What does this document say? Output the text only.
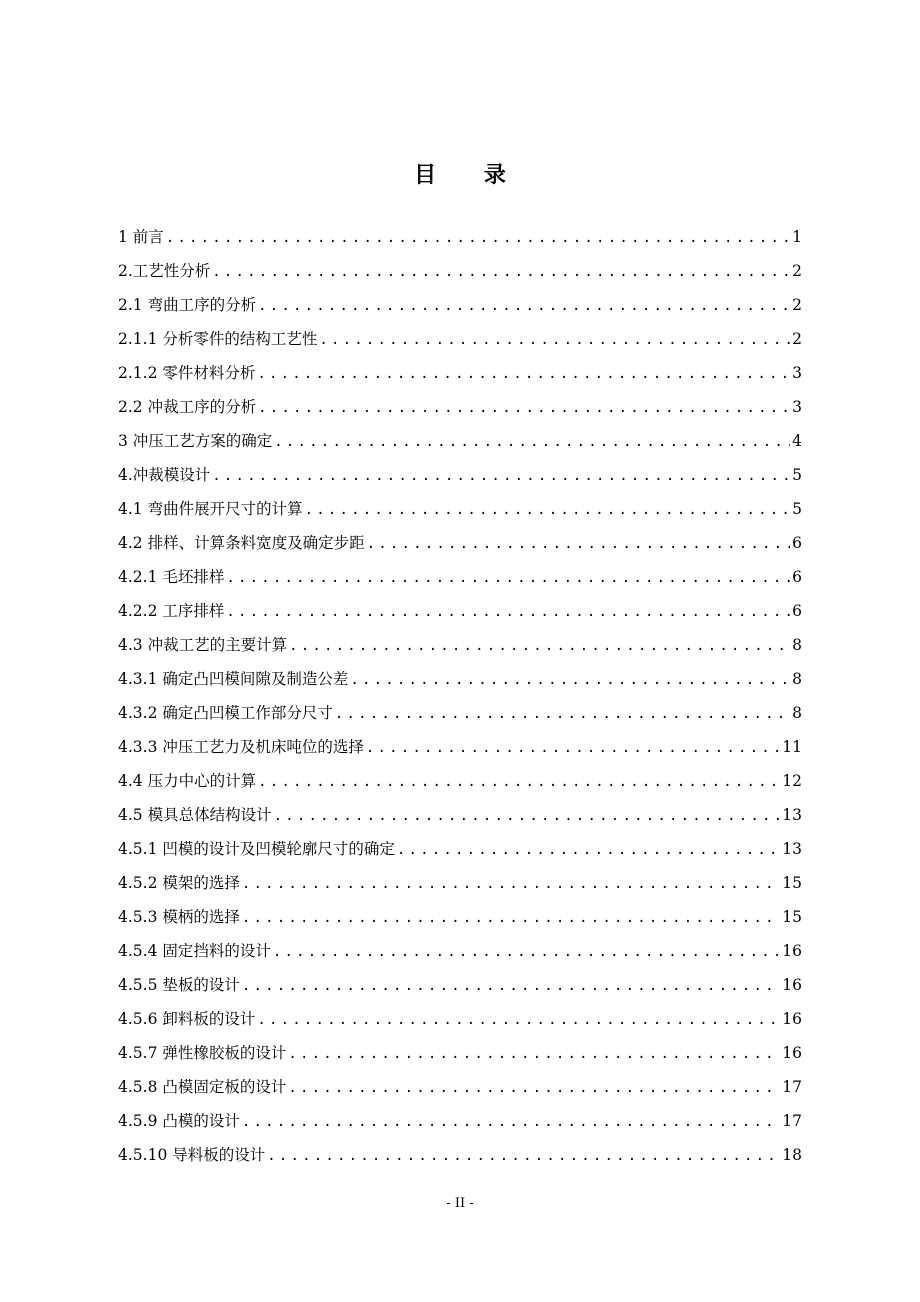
目 录
1 前言 .....	1
2.工艺性分析 .....	2
2.1 弯曲工序的分析 .....	2
2.1.1 分析零件的结构工艺性 .....	2
2.1.2 零件材料分析 .....	3
2.2 冲裁工序的分析 .....	3
3 冲压工艺方案的确定 .....	4
4.冲裁模设计 .....	5
4.1 弯曲件展开尺寸的计算 .....	5
4.2 排样、计算条料宽度及确定步距 .....	6
4.2.1 毛坯排样 .....	6
4.2.2 工序排样 .....	6
4.3 冲裁工艺的主要计算 .....	8
4.3.1 确定凸凹模间隙及制造公差 .....	8
4.3.2 确定凸凹模工作部分尺寸 .....	8
4.3.3 冲压工艺力及机床吨位的选择 .....	11
4.4 压力中心的计算 .....	12
4.5 模具总体结构设计 .....	13
4.5.1 凹模的设计及凹模轮廓尺寸的确定 .....	13
4.5.2 模架的选择 .....	15
4.5.3 模柄的选择 .....	15
4.5.4 固定挡料的设计 .....	16
4.5.5 垫板的设计 .....	16
4.5.6 卸料板的设计 .....	16
4.5.7 弹性橡胶板的设计 .....	16
4.5.8 凸模固定板的设计 .....	17
4.5.9 凸模的设计 .....	17
4.5.10 导料板的设计 .....	18
- II -
